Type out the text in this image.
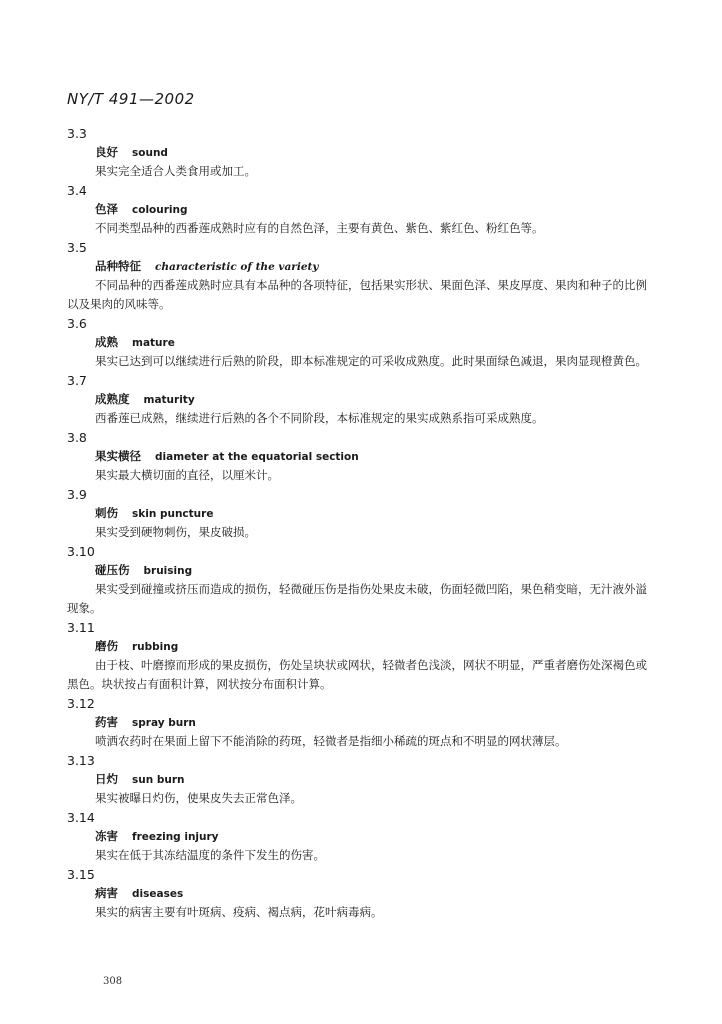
NY/T 491—2002
3.3
良好 sound
果实完全适合人类食用或加工。
3.4
色泽 colouring
不同类型品种的西番莲成熟时应有的自然色泽，主要有黄色、紫色、紫红色、粉红色等。
3.5
品种特征 characteristic of the variety
不同品种的西番莲成熟时应具有本品种的各项特征，包括果实形状、果面色泽、果皮厚度、果肉和种子的比例以及果肉的风味等。
3.6
成熟 mature
果实已达到可以继续进行后熟的阶段，即本标准规定的可采收成熟度。此时果面绿色减退，果肉显现橙黄色。
3.7
成熟度 maturity
西番莲已成熟，继续进行后熟的各个不同阶段，本标准规定的果实成熟系指可采成熟度。
3.8
果实横径 diameter at the equatorial section
果实最大横切面的直径，以厘米计。
3.9
刺伤 skin puncture
果实受到硬物刺伤，果皮破损。
3.10
碰压伤 bruising
果实受到碰撞或挤压而造成的损伤，轻微碰压伤是指伤处果皮未破，伤面轻微凹陷，果色稍变暗，无汁液外溢现象。
3.11
磨伤 rubbing
由于枝、叶磨擦而形成的果皮损伤，伤处呈块状或网状，轻微者色浅淡，网状不明显，严重者磨伤处深褐色或黑色。块状按占有面积计算，网状按分布面积计算。
3.12
药害 spray burn
喷洒农药时在果面上留下不能消除的药斑，轻微者是指细小稀疏的斑点和不明显的网状薄层。
3.13
日灼 sun burn
果实被曝日灼伤，使果皮失去正常色泽。
3.14
冻害 freezing injury
果实在低于其冻结温度的条件下发生的伤害。
3.15
病害 diseases
果实的病害主要有叶斑病、疫病、褐点病，花叶病毒病。
308
